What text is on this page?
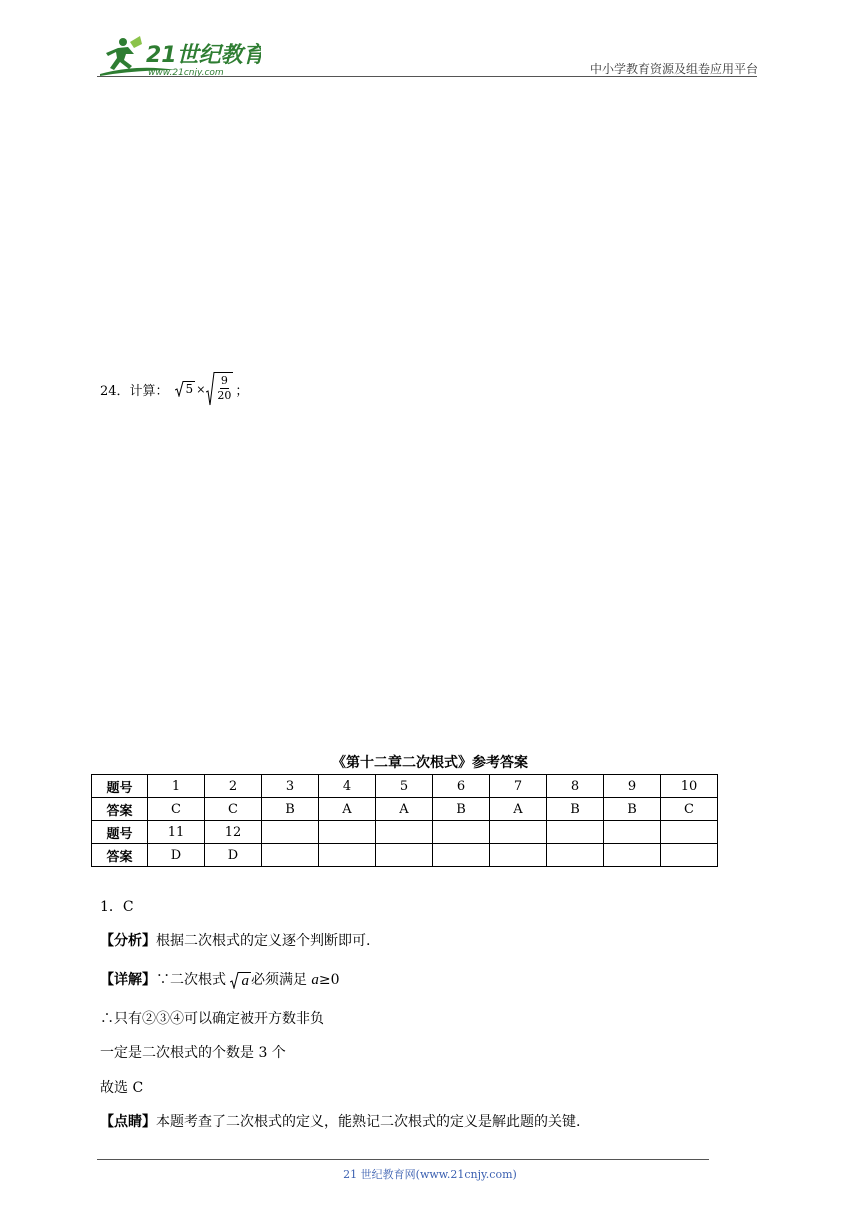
21世纪教育
www.21cnjy.com	中小学教育资源及组卷应用平台
24．计算： $5 \times \frac{9}{20}$ ；
《第十二章二次根式》参考答案
题号	1	2	3	4	5	6	7	8	9	10
答案	C	C	B	A	A	B	A	B	B	C
题号	11	12								
答案	D	D								
1．C
【分析】根据二次根式的定义逐个判断即可.
【详解】∵二次根式 a 必须满足 a≥0
∴只有②③④可以确定被开方数非负
一定是二次根式的个数是 3 个
故选 C
【点睛】本题考查了二次根式的定义，能熟记二次根式的定义是解此题的关键.
21 世纪教育网(www.21cnjy.com)
